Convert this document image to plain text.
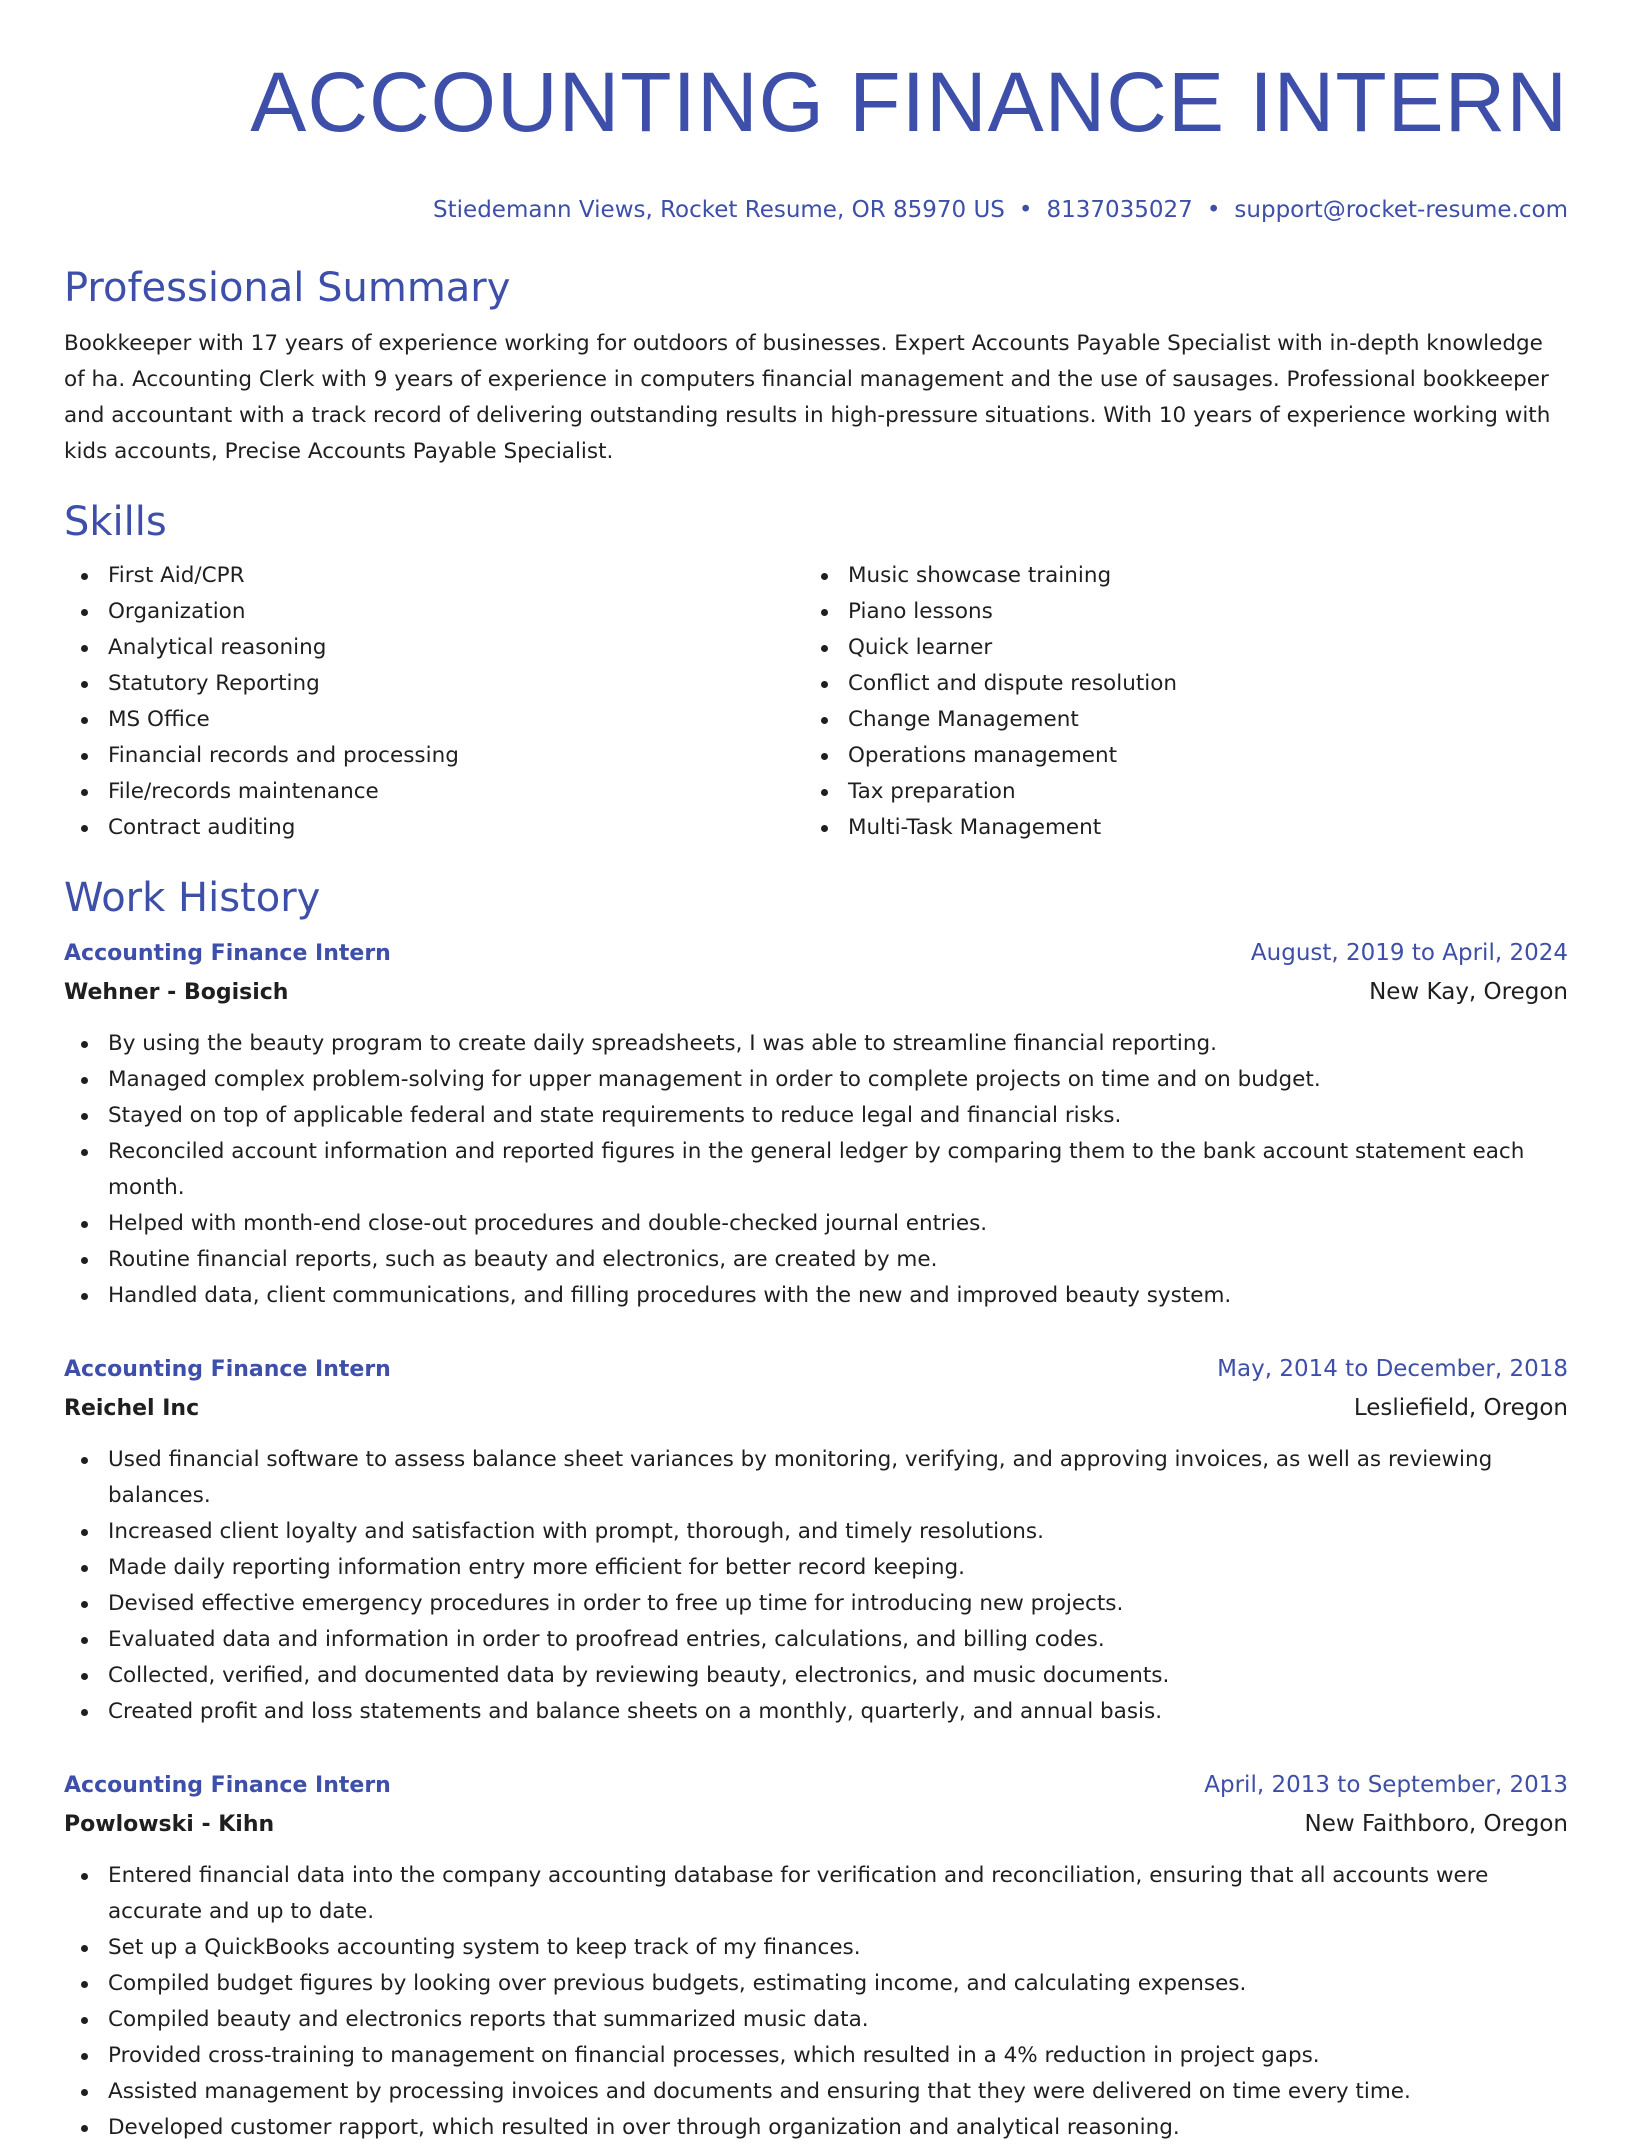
ACCOUNTING FINANCE INTERN
Stiedemann Views, Rocket Resume, OR 85970 US • 8137035027 • support@rocket-resume.com
Professional Summary

Bookkeeper with 17 years of experience working for outdoors of businesses. Expert Accounts Payable Specialist with in-depth knowledge of ha. Accounting Clerk with 9 years of experience in computers financial management and the use of sausages. Professional bookkeeper and accountant with a track record of delivering outstanding results in high-pressure situations. With 10 years of experience working with kids accounts, Precise Accounts Payable Specialist.

Skills
First Aid/CPR
Organization
Analytical reasoning
Statutory Reporting
MS Office
Financial records and processing
File/records maintenance
Contract auditing
Music showcase training
Piano lessons
Quick learner
Conflict and dispute resolution
Change Management
Operations management
Tax preparation
Multi-Task Management
Work History
Accounting Finance Intern	August, 2019 to April, 2024
Wehner - Bogisich	New Kay, Oregon
By using the beauty program to create daily spreadsheets, I was able to streamline financial reporting.
Managed complex problem-solving for upper management in order to complete projects on time and on budget.
Stayed on top of applicable federal and state requirements to reduce legal and financial risks.
Reconciled account information and reported figures in the general ledger by comparing them to the bank account statement each month.
Helped with month-end close-out procedures and double-checked journal entries.
Routine financial reports, such as beauty and electronics, are created by me.
Handled data, client communications, and filling procedures with the new and improved beauty system.
Accounting Finance Intern	May, 2014 to December, 2018
Reichel Inc	Lesliefield, Oregon
Used financial software to assess balance sheet variances by monitoring, verifying, and approving invoices, as well as reviewing balances.
Increased client loyalty and satisfaction with prompt, thorough, and timely resolutions.
Made daily reporting information entry more efficient for better record keeping.
Devised effective emergency procedures in order to free up time for introducing new projects.
Evaluated data and information in order to proofread entries, calculations, and billing codes.
Collected, verified, and documented data by reviewing beauty, electronics, and music documents.
Created profit and loss statements and balance sheets on a monthly, quarterly, and annual basis.
Accounting Finance Intern	April, 2013 to September, 2013
Powlowski - Kihn	New Faithboro, Oregon
Entered financial data into the company accounting database for verification and reconciliation, ensuring that all accounts were accurate and up to date.
Set up a QuickBooks accounting system to keep track of my finances.
Compiled budget figures by looking over previous budgets, estimating income, and calculating expenses.
Compiled beauty and electronics reports that summarized music data.
Provided cross-training to management on financial processes, which resulted in a 4% reduction in project gaps.
Assisted management by processing invoices and documents and ensuring that they were delivered on time every time.
Developed customer rapport, which resulted in over through organization and analytical reasoning.
